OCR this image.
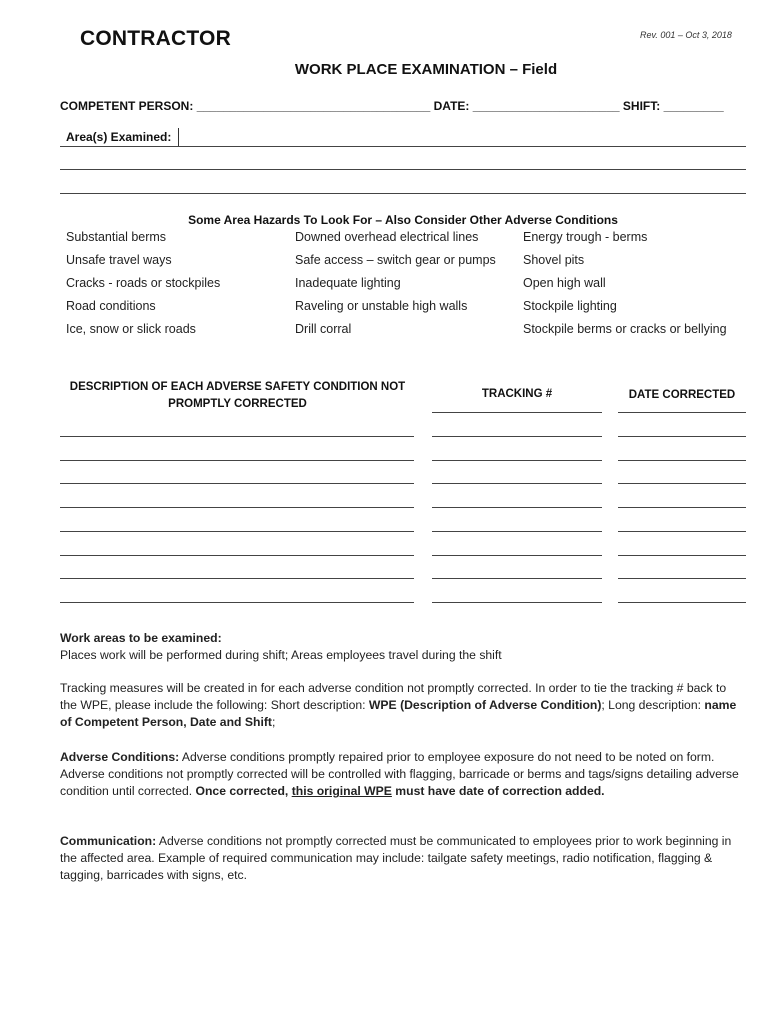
CONTRACTOR	Rev. 001 – Oct 3, 2018
WORK PLACE EXAMINATION – Field
COMPETENT PERSON: ___________________________________ DATE: ______________________ SHIFT: _________
Area(s) Examined:
Some Area Hazards To Look For – Also Consider Other Adverse Conditions
Substantial berms
Unsafe travel ways
Cracks - roads or stockpiles
Road conditions
Ice, snow or slick roads
Downed overhead electrical lines
Safe access – switch gear or pumps
Inadequate lighting
Raveling or unstable high walls
Drill corral
Energy trough - berms
Shovel pits
Open high wall
Stockpile lighting
Stockpile berms or cracks or bellying
DESCRIPTION OF EACH ADVERSE SAFETY CONDITION NOT
PROMPTLY CORRECTED
TRACKING #	DATE CORRECTED
Work areas to be examined:
Places work will be performed during shift; Areas employees travel during the shift
Tracking measures will be created in for each adverse condition not promptly corrected. In order to tie the tracking # back to the WPE, please include the following: Short description: WPE (Description of Adverse Condition); Long description: name of Competent Person, Date and Shift;
Adverse Conditions: Adverse conditions promptly repaired prior to employee exposure do not need to be noted on form. Adverse conditions not promptly corrected will be controlled with flagging, barricade or berms and tags/signs detailing adverse condition until corrected. Once corrected, this original WPE must have date of correction added.
Communication: Adverse conditions not promptly corrected must be communicated to employees prior to work beginning in the affected area. Example of required communication may include: tailgate safety meetings, radio notification, flagging & tagging, barricades with signs, etc.
